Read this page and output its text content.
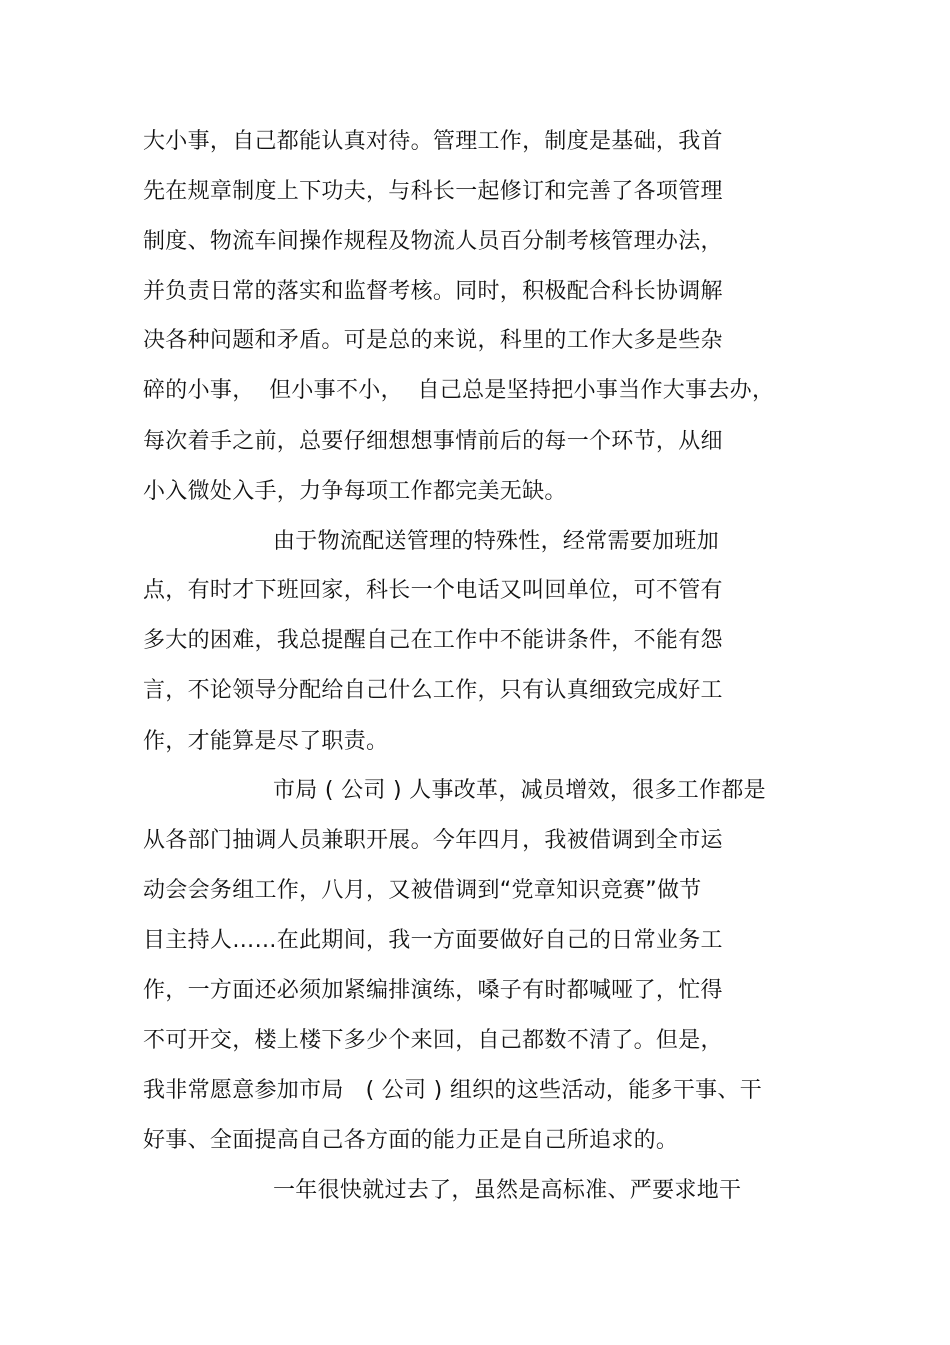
大小事，自己都能认真对待。管理工作，制度是基础，我首
先在规章制度上下功夫，与科长一起修订和完善了各项管理
制度、物流车间操作规程及物流人员百分制考核管理办法，
并负责日常的落实和监督考核。同时，积极配合科长协调解
决各种问题和矛盾。可是总的来说，科里的工作大多是些杂
碎的小事，  但小事不小，  自己总是坚持把小事当作大事去办，
每次着手之前，总要仔细想想事情前后的每一个环节，从细
小入微处入手，力争每项工作都完美无缺。
由于物流配送管理的特殊性，经常需要加班加
点，有时才下班回家，科长一个电话又叫回单位，可不管有
多大的困难，我总提醒自己在工作中不能讲条件，不能有怨
言，不论领导分配给自己什么工作，只有认真细致完成好工
作，才能算是尽了职责。
市局 ( 公司 ) 人事改革，减员增效，很多工作都是
从各部门抽调人员兼职开展。今年四月，我被借调到全市运
动会会务组工作，八月，又被借调到“党章知识竞赛”做节
目主持人……在此期间，我一方面要做好自己的日常业务工
作，一方面还必须加紧编排演练，嗓子有时都喊哑了，忙得
不可开交，楼上楼下多少个来回，自己都数不清了。但是，
我非常愿意参加市局   ( 公司 ) 组织的这些活动，能多干事、干
好事、全面提高自己各方面的能力正是自己所追求的。
一年很快就过去了，虽然是高标准、严要求地干
